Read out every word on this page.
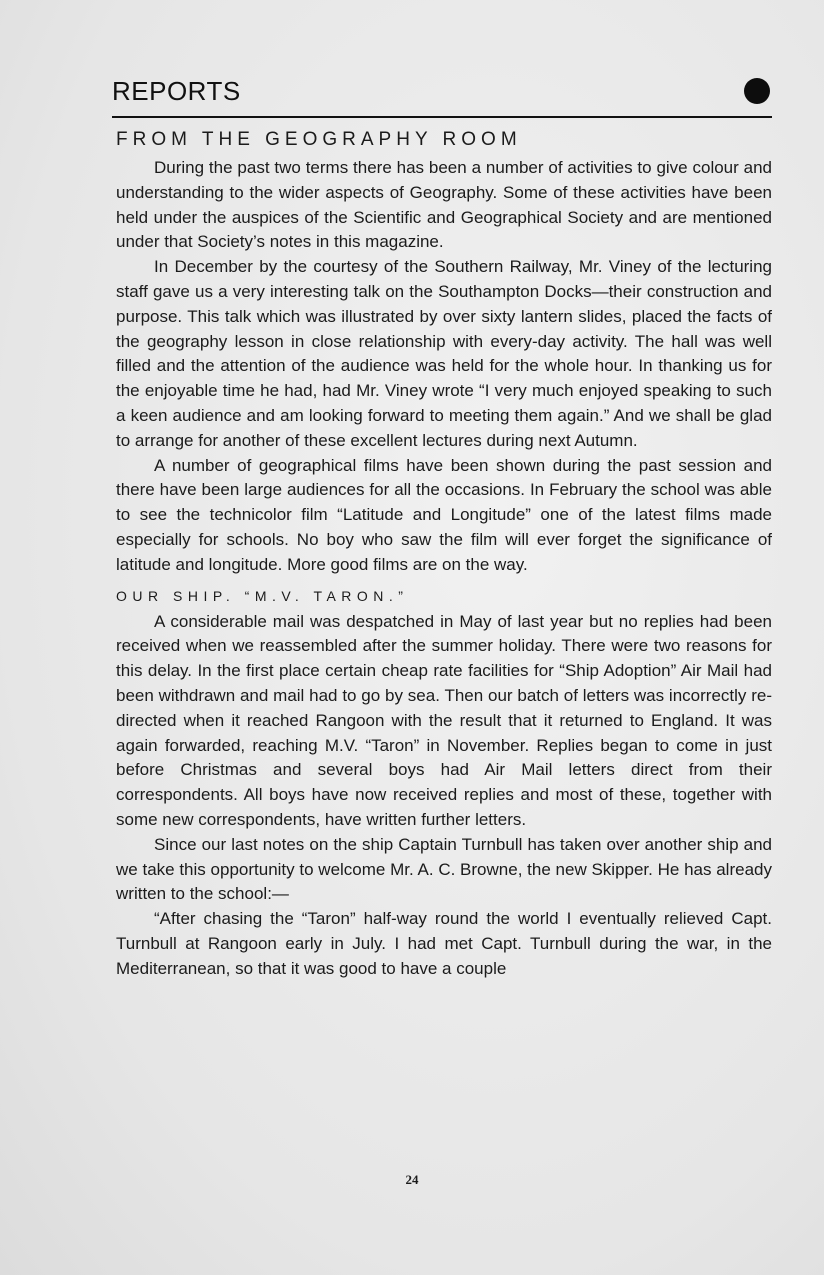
REPORTS
FROM THE GEOGRAPHY ROOM

During the past two terms there has been a number of activities to give colour and understanding to the wider aspects of Geography. Some of these activities have been held under the auspices of the Scientific and Geographical Society and are mentioned under that Society’s notes in this magazine.

In December by the courtesy of the Southern Railway, Mr. Viney of the lecturing staff gave us a very interesting talk on the Southampton Docks—their construction and purpose. This talk which was illustrated by over sixty lantern slides, placed the facts of the geography lesson in close relationship with every-day activity. The hall was well filled and the attention of the audience was held for the whole hour. In thanking us for the enjoyable time he had, had Mr. Viney wrote “I very much enjoyed speaking to such a keen audience and am looking forward to meeting them again.” And we shall be glad to arrange for another of these excellent lectures during next Autumn.

A number of geographical films have been shown during the past session and there have been large audiences for all the occasions. In February the school was able to see the technicolor film “Latitude and Longitude” one of the latest films made especially for schools. No boy who saw the film will ever forget the significance of latitude and longitude. More good films are on the way.

OUR SHIP. “M.V. TARON.”

A considerable mail was despatched in May of last year but no replies had been received when we reassembled after the summer holiday. There were two reasons for this delay. In the first place certain cheap rate facilities for “Ship Adoption” Air Mail had been withdrawn and mail had to go by sea. Then our batch of letters was incorrectly re-directed when it reached Rangoon with the result that it returned to England. It was again forwarded, reaching M.V. “Taron” in November. Replies began to come in just before Christmas and several boys had Air Mail letters direct from their correspondents. All boys have now received replies and most of these, together with some new correspondents, have written further letters.

Since our last notes on the ship Captain Turnbull has taken over another ship and we take this opportunity to welcome Mr. A. C. Browne, the new Skipper. He has already written to the school:—

“After chasing the “Taron” half-way round the world I eventually relieved Capt. Turnbull at Rangoon early in July. I had met Capt. Turnbull during the war, in the Mediterranean, so that it was good to have a couple

24
